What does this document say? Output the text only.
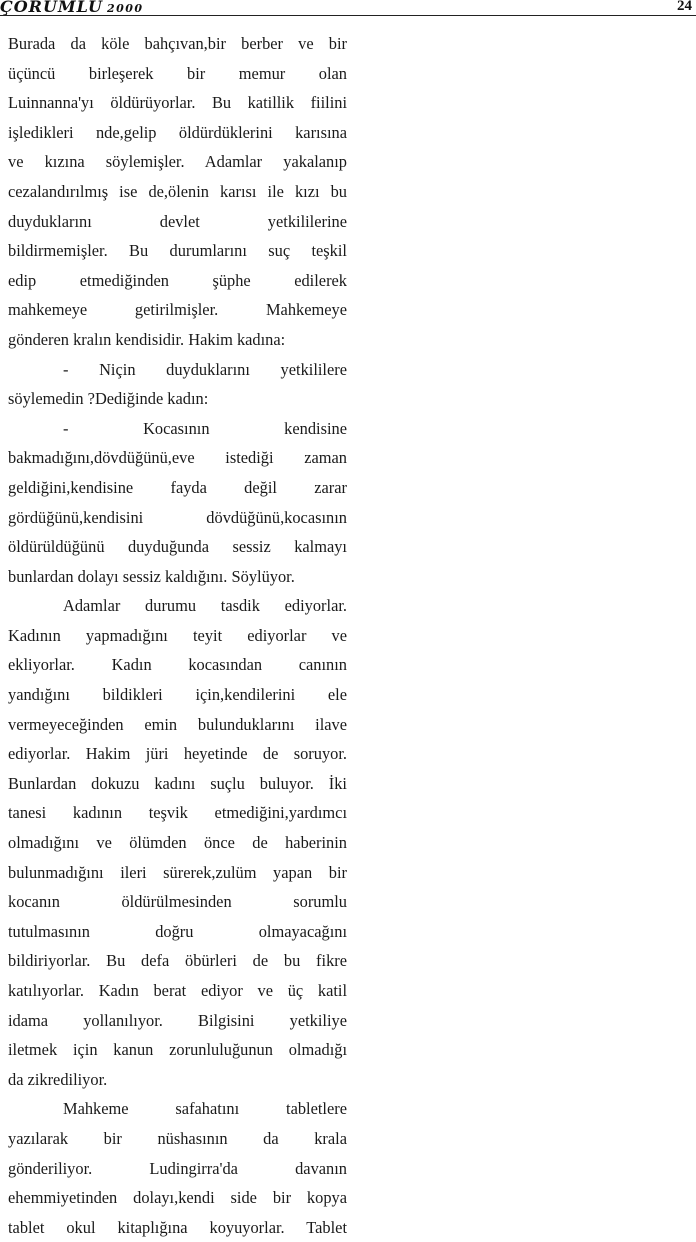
ÇORUMLU 2000	24
Burada da köle bahçıvan,bir berber ve bir
üçüncü birleşerek bir memur olan
Luinnanna'yı öldürüyorlar. Bu katillik fiilini
işledikleri nde,gelip öldürdüklerini karısına
ve kızına söylemişler. Adamlar yakalanıp
cezalandırılmış ise de,ölenin karısı ile kızı bu
duyduklarını devlet yetkililerine
bildirmemişler. Bu durumlarını suç teşkil
edip etmediğinden şüphe edilerek
mahkemeye getirilmişler. Mahkemeye
gönderen kralın kendisidir. Hakim kadına:
- Niçin duyduklarını yetkililere
söylemedin ?Dediğinde kadın:
- Kocasının kendisine
bakmadığını,dövdüğünü,eve istediği zaman
geldiğini,kendisine fayda değil zarar
gördüğünü,kendisini dövdüğünü,kocasının
öldürüldüğünü duyduğunda sessiz kalmayı
bunlardan dolayı sessiz kaldığını. Söylüyor.
Adamlar durumu tasdik ediyorlar.
Kadının yapmadığını teyit ediyorlar ve
ekliyorlar. Kadın kocasından canının
yandığını bildikleri için,kendilerini ele
vermeyeceğinden emin bulunduklarını ilave
ediyorlar. Hakim jüri heyetinde de soruyor.
Bunlardan dokuzu kadını suçlu buluyor. İki
tanesi kadının teşvik etmediğini,yardımcı
olmadığını ve ölümden önce de haberinin
bulunmadığını ileri sürerek,zulüm yapan bir
kocanın öldürülmesinden sorumlu
tutulmasının doğru olmayacağını
bildiriyorlar. Bu defa öbürleri de bu fikre
katılıyorlar. Kadın berat ediyor ve üç katil
idama yollanılıyor. Bilgisini yetkiliye
iletmek için kanun zorunluluğunun olmadığı
da zikrediliyor.
Mahkeme safahatını tabletlere
yazılarak bir nüshasının da krala
gönderiliyor. Ludingirra'da davanın
ehemmiyetinden dolayı,kendi side bir kopya
tablet okul kitaplığına koyuyorlar. Tablet
